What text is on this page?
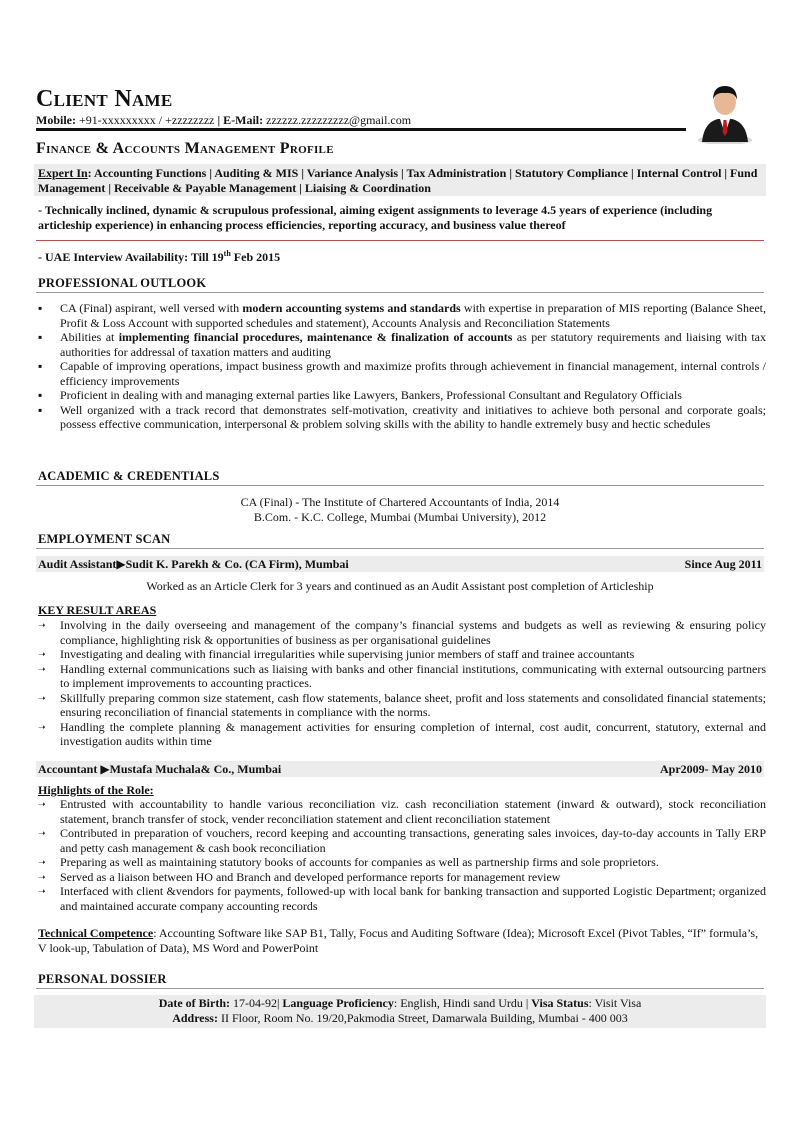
Client Name
Mobile: +91-xxxxxxxxx / +zzzzzzzz | E-Mail: zzzzzz.zzzzzzzzz@gmail.com
Finance & Accounts Management Profile
Expert In: Accounting Functions | Auditing & MIS | Variance Analysis | Tax Administration | Statutory Compliance | Internal Control | Fund Management | Receivable & Payable Management | Liaising & Coordination
- Technically inclined, dynamic & scrupulous professional, aiming exigent assignments to leverage 4.5 years of experience (including articleship experience) in enhancing process efficiencies, reporting accuracy, and business value thereof
- UAE Interview Availability: Till 19th Feb 2015
PROFESSIONAL OUTLOOK
▪	CA (Final) aspirant, well versed with modern accounting systems and standards with expertise in preparation of MIS reporting (Balance Sheet, Profit & Loss Account with supported schedules and statement), Accounts Analysis and Reconciliation Statements
▪	Abilities at implementing financial procedures, maintenance & finalization of accounts as per statutory requirements and liaising with tax authorities for addressal of taxation matters and auditing
▪	Capable of improving operations, impact business growth and maximize profits through achievement in financial management, internal controls / efficiency improvements
▪	Proficient in dealing with and managing external parties like Lawyers, Bankers, Professional Consultant and Regulatory Officials
▪	Well organized with a track record that demonstrates self-motivation, creativity and initiatives to achieve both personal and corporate goals; possess effective communication, interpersonal & problem solving skills with the ability to handle extremely busy and hectic schedules
ACADEMIC & CREDENTIALS
CA (Final) - The Institute of Chartered Accountants of India, 2014
B.Com. - K.C. College, Mumbai (Mumbai University), 2012
EMPLOYMENT SCAN
Audit Assistant▶Sudit K. Parekh & Co. (CA Firm), Mumbai	Since Aug 2011
Worked as an Article Clerk for 3 years and continued as an Audit Assistant post completion of Articleship
KEY RESULT AREAS
➝	Involving in the daily overseeing and management of the company’s financial systems and budgets as well as reviewing & ensuring policy compliance, highlighting risk & opportunities of business as per organisational guidelines
➝	Investigating and dealing with financial irregularities while supervising junior members of staff and trainee accountants
➝	Handling external communications such as liaising with banks and other financial institutions, communicating with external outsourcing partners to implement improvements to accounting practices.
➝	Skillfully preparing common size statement, cash flow statements, balance sheet, profit and loss statements and consolidated financial statements; ensuring reconciliation of financial statements in compliance with the norms.
➝	Handling the complete planning & management activities for ensuring completion of internal, cost audit, concurrent, statutory, external and investigation audits within time
Accountant ▶Mustafa Muchala& Co., Mumbai	Apr2009- May 2010
Highlights of the Role:
➝	Entrusted with accountability to handle various reconciliation viz. cash reconciliation statement (inward & outward), stock reconciliation statement, branch transfer of stock, vender reconciliation statement and client reconciliation statement
➝	Contributed in preparation of vouchers, record keeping and accounting transactions, generating sales invoices, day-to-day accounts in Tally ERP and petty cash management & cash book reconciliation
➝	Preparing as well as maintaining statutory books of accounts for companies as well as partnership firms and sole proprietors.
➝	Served as a liaison between HO and Branch and developed performance reports for management review
➝	Interfaced with client &vendors for payments, followed-up with local bank for banking transaction and supported Logistic Department; organized and maintained accurate company accounting records
Technical Competence: Accounting Software like SAP B1, Tally, Focus and Auditing Software (Idea); Microsoft Excel (Pivot Tables, “If” formula’s, V look-up, Tabulation of Data), MS Word and PowerPoint
PERSONAL DOSSIER
Date of Birth: 17-04-92| Language Proficiency: English, Hindi sand Urdu | Visa Status: Visit Visa
Address: II Floor, Room No. 19/20,Pakmodia Street, Damarwala Building, Mumbai - 400 003
